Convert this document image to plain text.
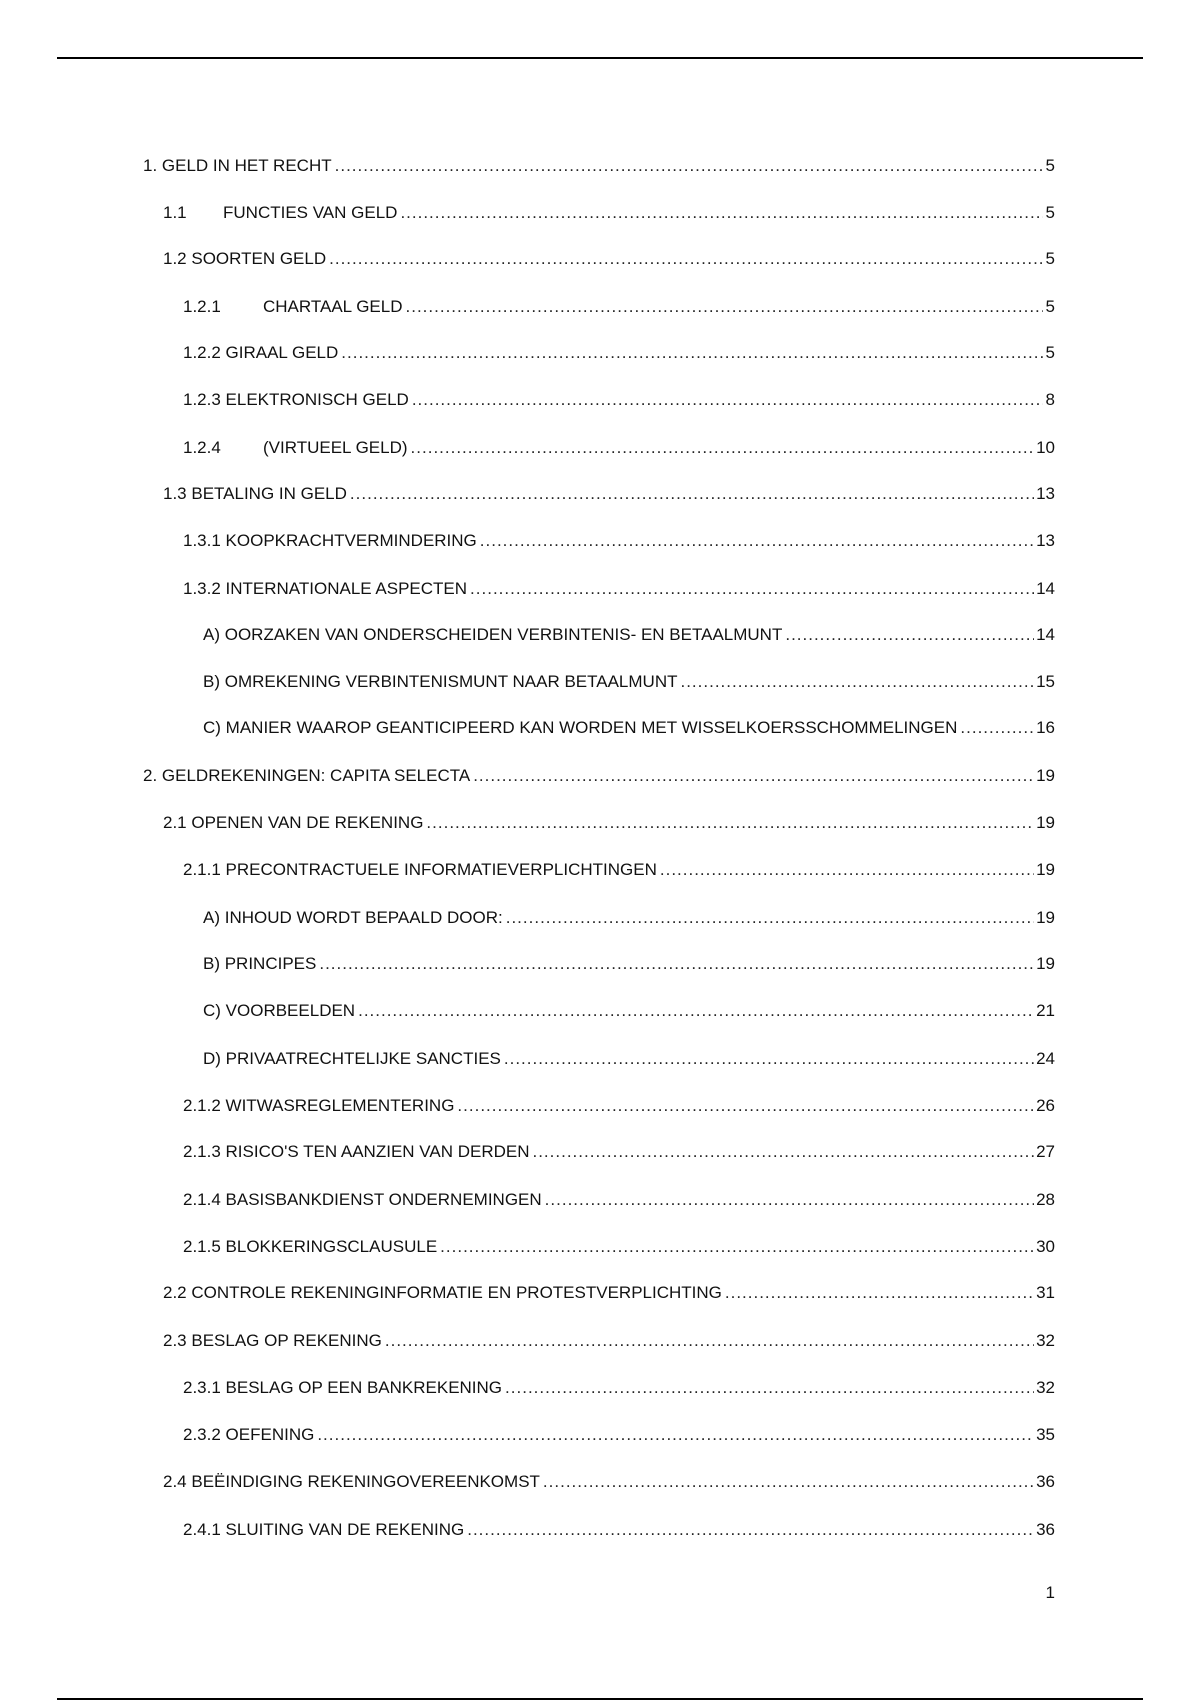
1. GELD IN HET RECHT .....	5
1.1	FUNCTIES VAN GELD .....	5
1.2 SOORTEN GELD .....	5
1.2.1	CHARTAAL GELD .....	5
1.2.2 GIRAAL GELD .....	5
1.2.3 ELEKTRONISCH GELD .....	8
1.2.4	(VIRTUEEL GELD) .....	10
1.3 BETALING IN GELD .....	13
1.3.1 KOOPKRACHTVERMINDERING .....	13
1.3.2 INTERNATIONALE ASPECTEN .....	14
A) OORZAKEN VAN ONDERSCHEIDEN VERBINTENIS- EN BETAALMUNT .....	14
B) OMREKENING VERBINTENISMUNT NAAR BETAALMUNT .....	15
C) MANIER WAAROP GEANTICIPEERD KAN WORDEN MET WISSELKOERSSCHOMMELINGEN .....	16
2. GELDREKENINGEN: CAPITA SELECTA .....	19
2.1 OPENEN VAN DE REKENING .....	19
2.1.1 PRECONTRACTUELE INFORMATIEVERPLICHTINGEN .....	19
A) INHOUD WORDT BEPAALD DOOR: .....	19
B) PRINCIPES .....	19
C) VOORBEELDEN .....	21
D) PRIVAATRECHTELIJKE SANCTIES .....	24
2.1.2 WITWASREGLEMENTERING .....	26
2.1.3 RISICO'S TEN AANZIEN VAN DERDEN .....	27
2.1.4 BASISBANKDIENST ONDERNEMINGEN .....	28
2.1.5 BLOKKERINGSCLAUSULE .....	30
2.2 CONTROLE REKENINGINFORMATIE EN PROTESTVERPLICHTING .....	31
2.3 BESLAG OP REKENING .....	32
2.3.1 BESLAG OP EEN BANKREKENING .....	32
2.3.2 OEFENING .....	35
2.4 BEËINDIGING REKENINGOVEREENKOMST .....	36
2.4.1 SLUITING VAN DE REKENING .....	36
1
